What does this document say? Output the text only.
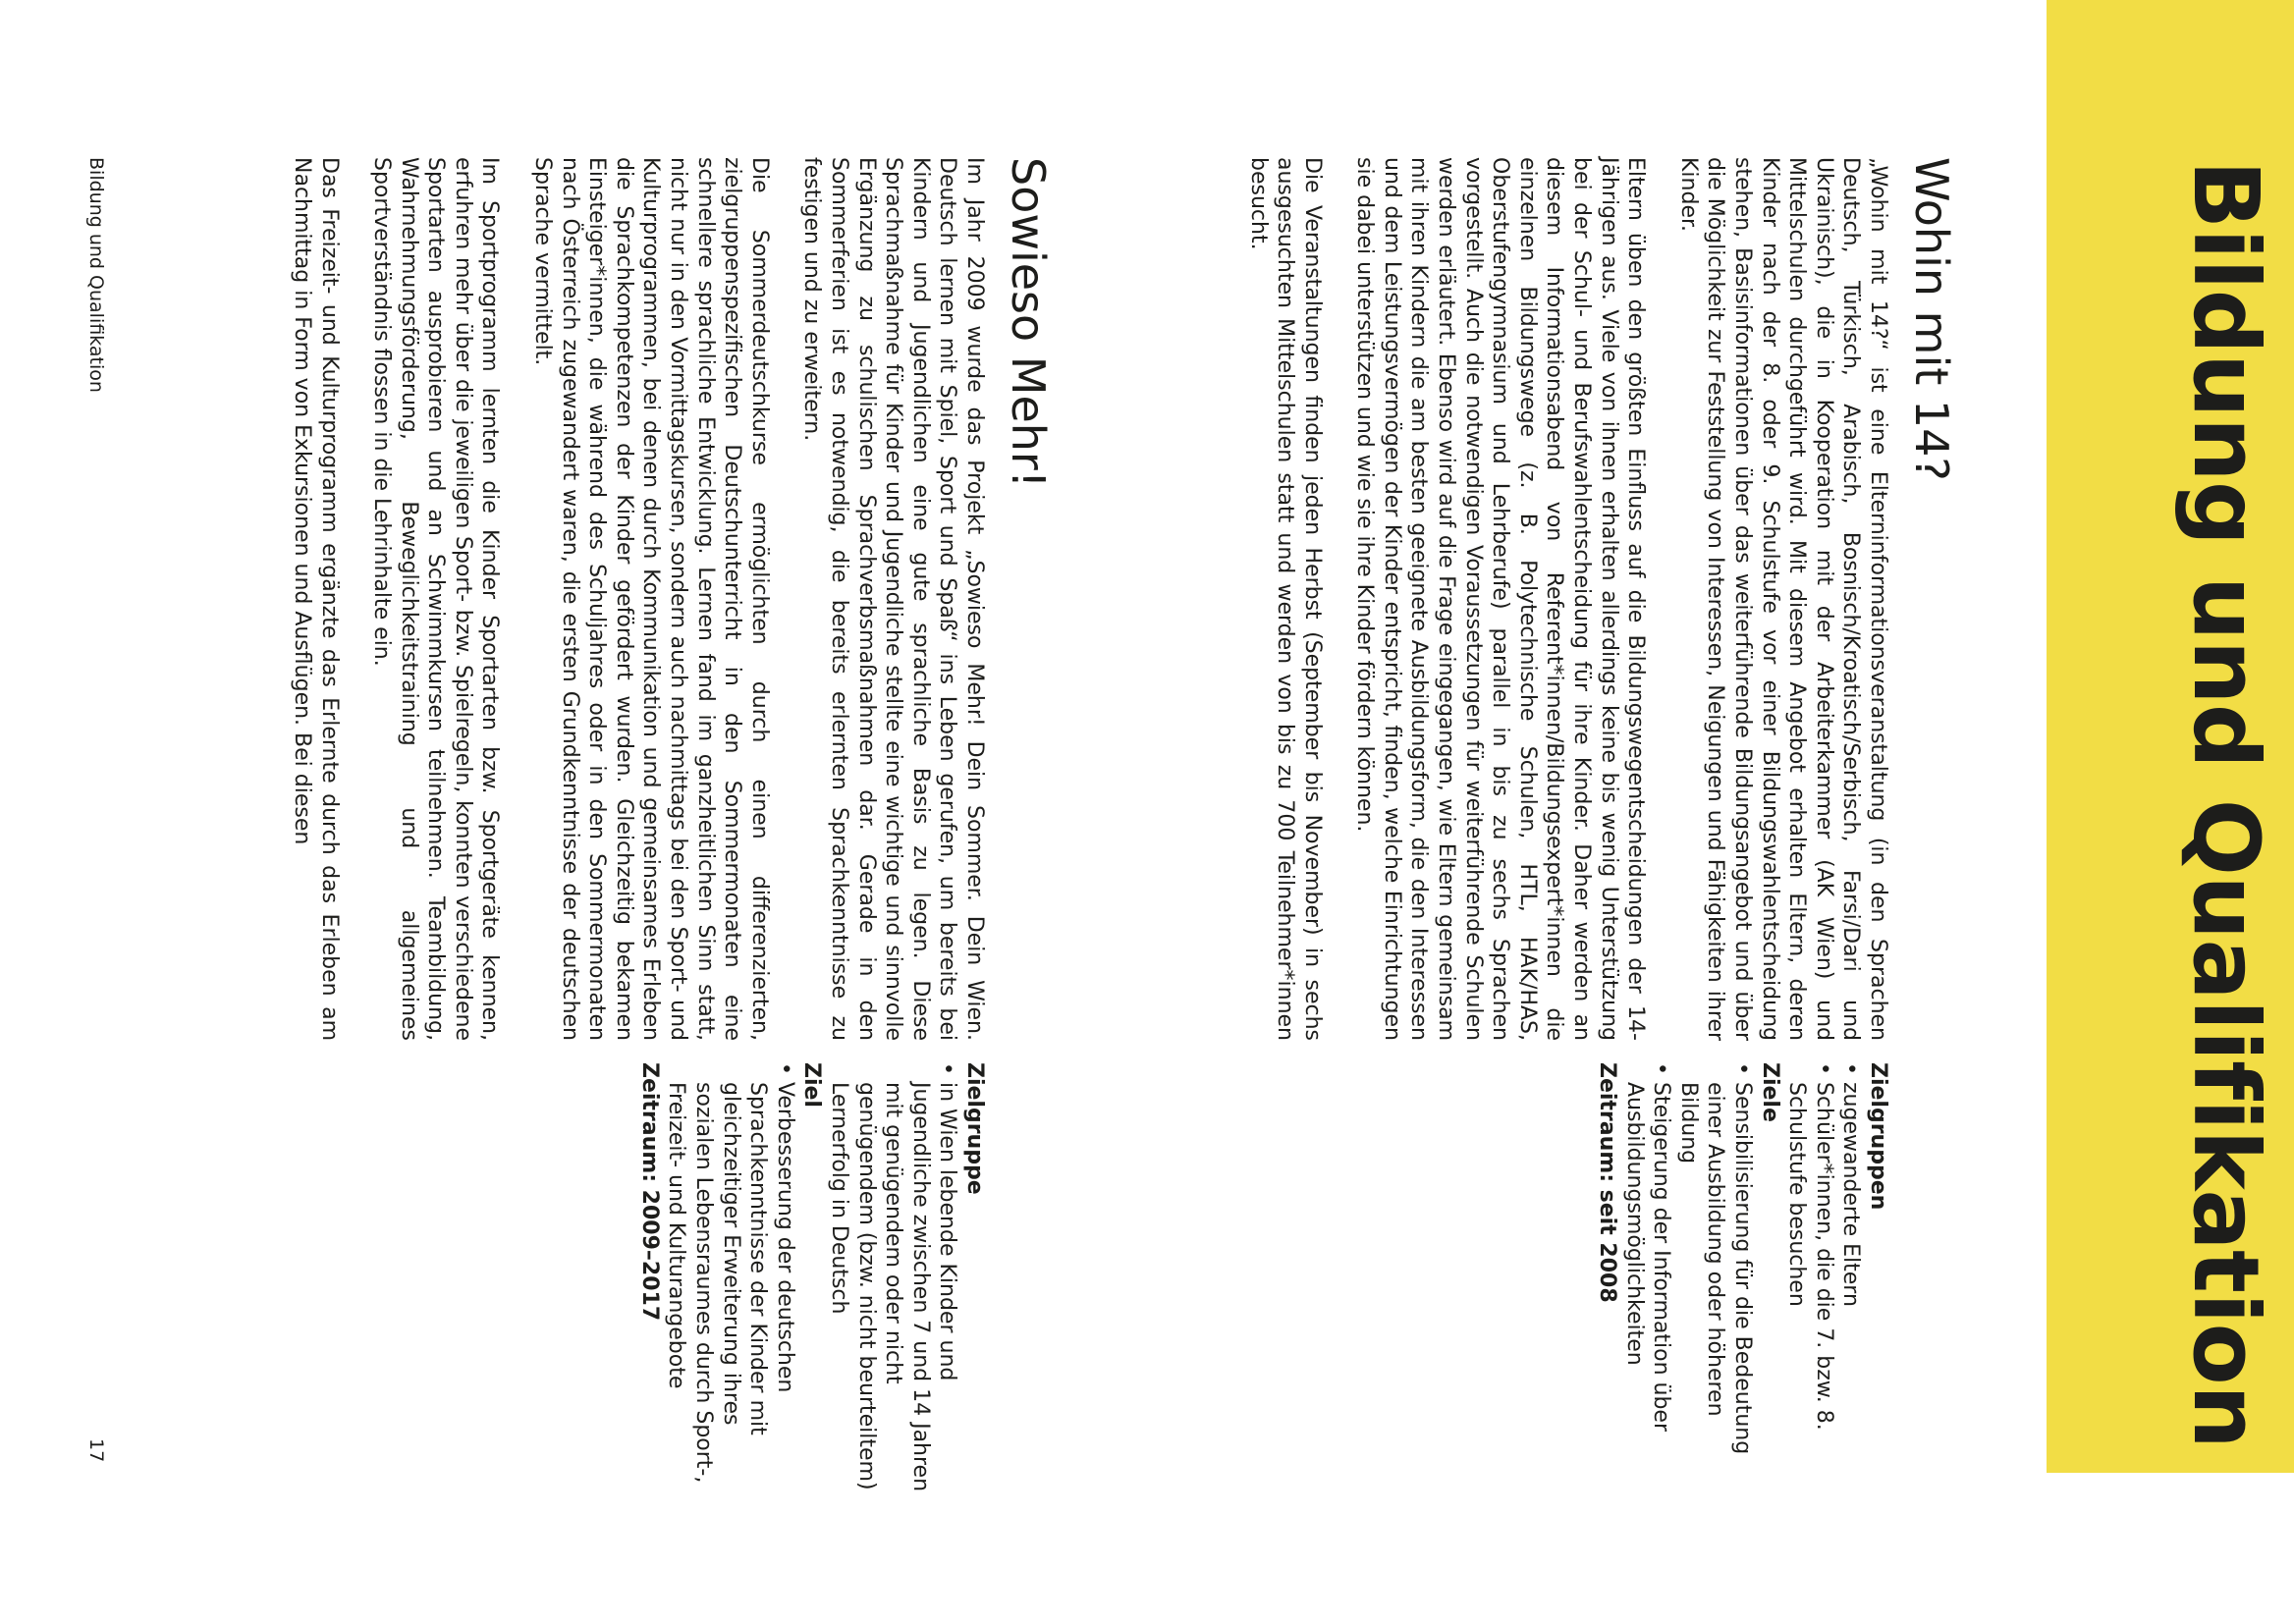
Bildung und Qualifikation
Wohin mit 14?

„Wohin mit 14?“ ist eine Elterninformationsveranstaltung (in den Sprachen Deutsch, Türkisch, Arabisch, Bosnisch/Kroatisch/Serbisch, Farsi/Dari und Ukrainisch), die in Kooperation mit der Arbeiterkammer (AK Wien) und Mittelschulen durchgeführt wird. Mit diesem Angebot erhalten Eltern, deren Kinder nach der 8. oder 9. Schulstufe vor einer Bildungswahlentscheidung stehen, Basisinformationen über das weiterführende Bildungsangebot und über die Möglichkeit zur Feststellung von Interessen, Neigungen und Fähigkeiten ihrer Kinder.

Eltern üben den größten Einfluss auf die Bildungswegentscheidungen der 14-Jährigen aus. Viele von ihnen erhalten allerdings keine bis wenig Unterstützung bei der Schul- und Berufswahlentscheidung für ihre Kinder. Daher werden an diesem Informationsabend von Referent*innen/Bildungsexpert*innen die einzelnen Bildungswege (z. B. Polytechnische Schulen, HTL, HAK/HAS, Oberstufengymnasium und Lehrberufe) parallel in bis zu sechs Sprachen vorgestellt. Auch die notwendigen Voraussetzungen für weiterführende Schulen werden erläutert. Ebenso wird auf die Frage eingegangen, wie Eltern gemeinsam mit ihren Kindern die am besten geeignete Ausbildungsform, die den Interessen und dem Leistungsvermögen der Kinder entspricht, finden, welche Einrichtungen sie dabei unterstützen und wie sie ihre Kinder fördern können.

Die Veranstaltungen finden jeden Herbst (September bis November) in sechs ausgesuchten Mittelschulen statt und werden von bis zu 700 Teilnehmer*innen besucht.

Zielgruppen
• zugewanderte Eltern
• Schüler*innen, die die 7. bzw. 8. Schulstufe besuchen
Ziele
• Sensibilisierung für die Bedeutung einer Ausbildung oder höheren Bildung
• Steigerung der Information über Ausbildungsmöglichkeiten
Zeitraum: seit 2008
Sowieso Mehr!

Im Jahr 2009 wurde das Projekt „Sowieso Mehr! Dein Sommer. Dein Wien. Deutsch lernen mit Spiel, Sport und Spaß“ ins Leben gerufen, um bereits bei Kindern und Jugendlichen eine gute sprachliche Basis zu legen. Diese Sprachmaßnahme für Kinder und Jugendliche stellte eine wichtige und sinnvolle Ergänzung zu schulischen Sprachverbsmaßnahmen dar. Gerade in den Sommerferien ist es notwendig, die bereits erlernten Sprachkenntnisse zu festigen und zu erweitern.

Die Sommerdeutschkurse ermöglichten durch einen differenzierten, zielgruppenspezifischen Deutschunterricht in den Sommermonaten eine schnellere sprachliche Entwicklung. Lernen fand im ganzheitlichen Sinn statt, nicht nur in den Vormittagskursen, sondern auch nachmittags bei den Sport- und Kulturprogrammen, bei denen durch Kommunikation und gemeinsames Erleben die Sprachkompetenzen der Kinder gefördert wurden. Gleichzeitig bekamen Einsteiger*innen, die während des Schuljahres oder in den Sommermonaten nach Österreich zugewandert waren, die ersten Grundkenntnisse der deutschen Sprache vermittelt.

Im Sportprogramm lernten die Kinder Sportarten bzw. Sportgeräte kennen, erfuhren mehr über die jeweiligen Sport- bzw. Spielregeln, konnten verschiedene Sportarten ausprobieren und an Schwimmkursen teilnehmen. Teambildung, Wahrnehmungsförderung, Beweglichkeitstraining und allgemeines Sportverständnis flossen in die Lehrinhalte ein.

Das Freizeit- und Kulturprogramm ergänzte das Erlernte durch das Erleben am Nachmittag in Form von Exkursionen und Ausflügen. Bei diesen

Zielgruppe
• in Wien lebende Kinder und Jugendliche zwischen 7 und 14 Jahren mit genügendem oder nicht genügendem (bzw. nicht beurteiltem) Lernerfolg in Deutsch
Ziel
• Verbesserung der deutschen Sprachkenntnisse der Kinder mit gleichzeitiger Erweiterung ihres sozialen Lebensraumes durch Sport-, Freizeit- und Kulturangebote
Zeitraum: 2009–2017
Bildung und Qualifikation
17
